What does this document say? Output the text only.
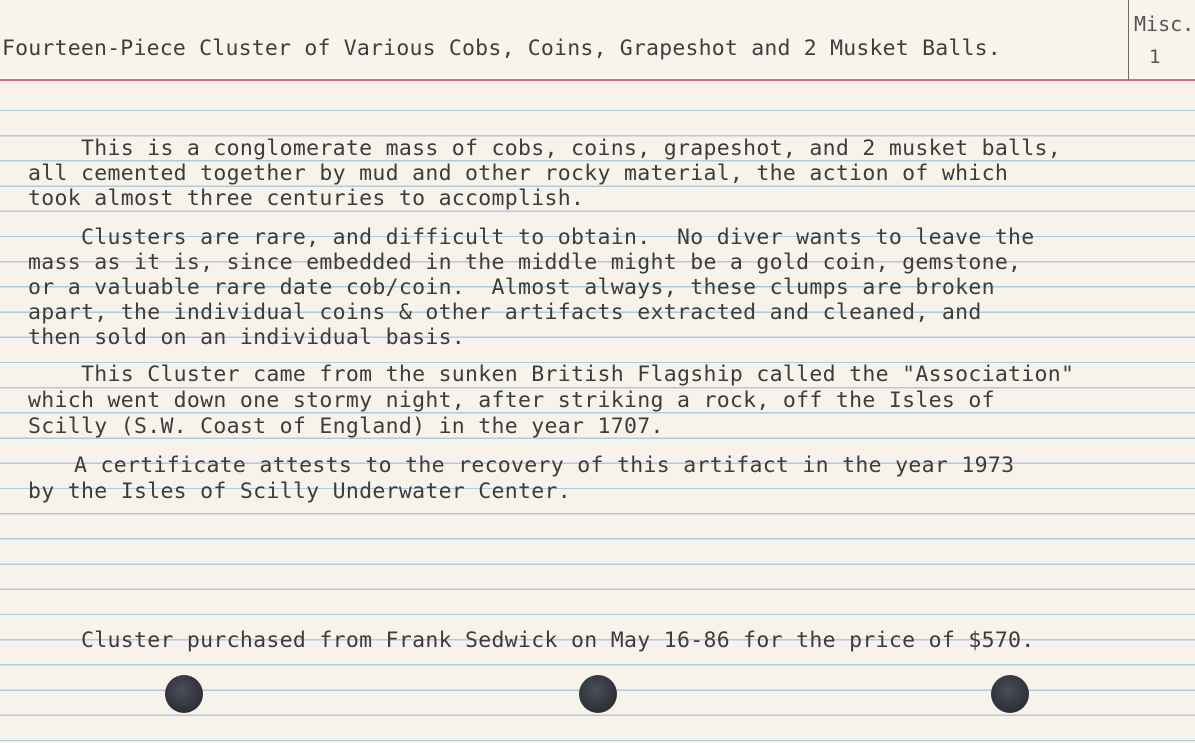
Fourteen-Piece Cluster of Various Cobs, Coins, Grapeshot and 2 Musket Balls.
Misc.
1
This is a conglomerate mass of cobs, coins, grapeshot, and 2 musket balls,
all cemented together by mud and other rocky material, the action of which
took almost three centuries to accomplish.
Clusters are rare, and difficult to obtain.  No diver wants to leave the
mass as it is, since embedded in the middle might be a gold coin, gemstone,
or a valuable rare date cob/coin.  Almost always, these clumps are broken
apart, the individual coins & other artifacts extracted and cleaned, and
then sold on an individual basis.
This Cluster came from the sunken British Flagship called the "Association"
which went down one stormy night, after striking a rock, off the Isles of
Scilly (S.W. Coast of England) in the year 1707.
A certificate attests to the recovery of this artifact in the year 1973
by the Isles of Scilly Underwater Center.
Cluster purchased from Frank Sedwick on May 16-86 for the price of $570.
